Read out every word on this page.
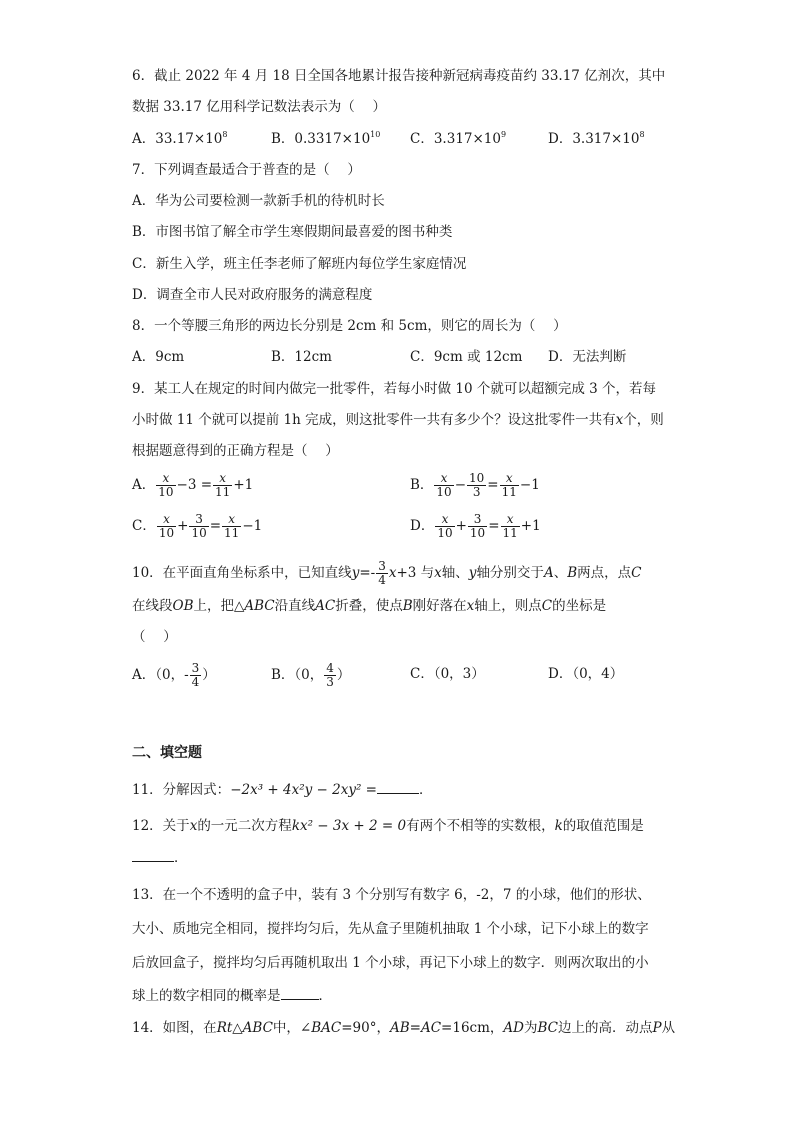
6．截止 2022 年 4 月 18 日全国各地累计报告接种新冠病毒疫苗约 33.17 亿剂次，其中
数据 33.17 亿用科学记数法表示为（　 ）
A．$33.17\times 10^8$	B．$0.3317\times 10^{10}$ C．$3.317\times 10^9$	D．$3.317\times 10^8$
7．下列调查最适合于普查的是（　 ）
A．华为公司要检测一款新手机的待机时长
B．市图书馆了解全市学生寒假期间最喜爱的图书种类
C．新生入学，班主任李老师了解班内每位学生家庭情况
D．调查全市人民对政府服务的满意程度
8．一个等腰三角形的两边长分别是 2cm 和 5cm，则它的周长为（　 ）
A．9cm	B．12cm	C．9cm 或 12cm D．无法判断
9．某工人在规定的时间内做完一批零件，若每小时做 10 个就可以超额完成 3 个，若每
小时做 11 个就可以提前 1h 完成，则这批零件一共有多少个？设这批零件一共有x个，则
根据题意得到的正确方程是（　 ）
A． $\frac{x}{10} -3 = \frac{x}{11} +1$	B． $\frac{x}{10} - \frac{10}{3} = \frac{x}{11} -1$
C． $\frac{x}{10} + \frac{3}{10} = \frac{x}{11} -1$	D． $\frac{x}{10} + \frac{3}{10} = \frac{x}{11} +1$
10．在平面直角坐标系中，已知直线$y=- \frac{3}{4} x+3$ 与x轴、y轴分别交于A、B两点，点C
在线段OB上，把△ABC沿直线AC折叠，使点B刚好落在x轴上，则点C的坐标是
（　 ）
A．（0，- $\frac{3}{4}$ ）	B．（0， $\frac{4}{3}$ ）	C．（0，3）	D．（0，4）
二、填空题
11．分解因式：−2x³ + 4x²y − 2xy² =	．
12．关于x的一元二次方程kx² − 3x + 2 = 0有两个不相等的实数根，k的取值范围是
．
13．在一个不透明的盒子中，装有 3 个分别写有数字 6，-2，7 的小球，他们的形状、
大小、质地完全相同，搅拌均匀后，先从盒子里随机抽取 1 个小球，记下小球上的数字
后放回盒子，搅拌均匀后再随机取出 1 个小球，再记下小球上的数字．则两次取出的小
球上的数字相同的概率是	．
14．如图，在Rt△ABC中，∠BAC=90°，AB=AC=16cm，AD为BC边上的高．动点P从
